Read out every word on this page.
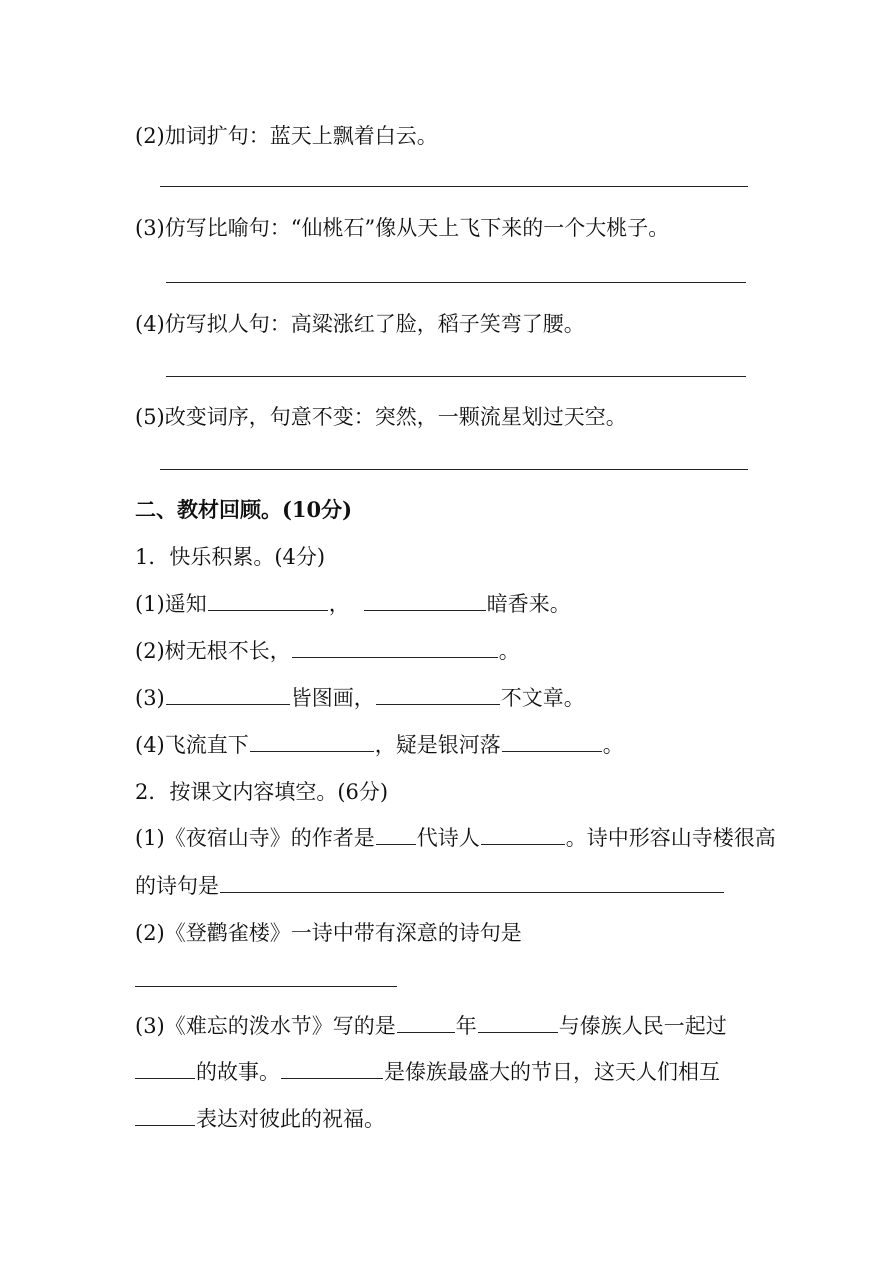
(2)加词扩句：蓝天上飘着白云。
(3)仿写比喻句：“仙桃石”像从天上飞下来的一个大桃子。
(4)仿写拟人句：高粱涨红了脸，稻子笑弯了腰。
(5)改变词序，句意不变：突然，一颗流星划过天空。
二、教材回顾。(10分)
1．快乐积累。(4分)
(1)遥知	，	暗香来。
(2)树无根不长，	。
(3)	皆图画，	不文章。
(4)飞流直下	，疑是银河落	。
2．按课文内容填空。(6分)
(1)《夜宿山寺》的作者是 代诗人	。诗中形容山寺楼很高
的诗句是
(2)《登鹳雀楼》一诗中带有深意的诗句是
(3)《难忘的泼水节》写的是	年	与傣族人民一起过
的故事。	是傣族最盛大的节日，这天人们相互
表达对彼此的祝福。
